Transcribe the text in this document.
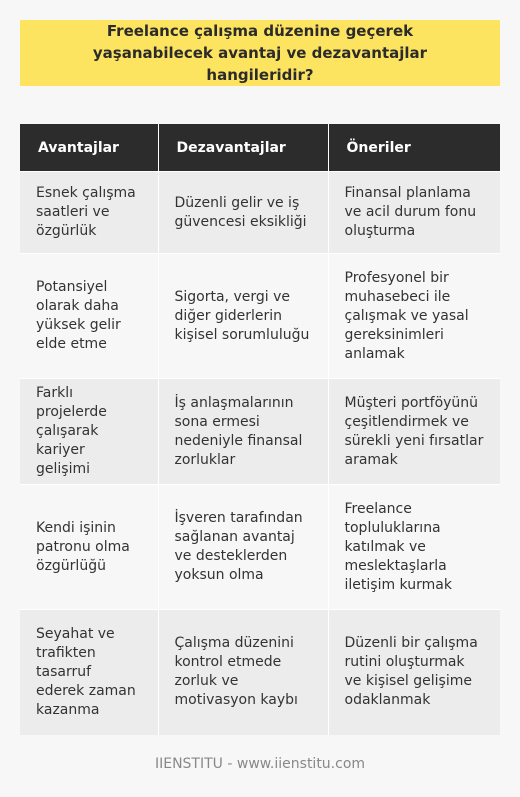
Freelance çalışma düzenine geçerek yaşanabilecek avantaj ve dezavantajlar hangileridir?
Avantajlar	Dezavantajlar	Öneriler
Esnek çalışma saatleri ve özgürlük	Düzenli gelir ve iş güvencesi eksikliği	Finansal planlama ve acil durum fonu oluşturma
Potansiyel olarak daha yüksek gelir elde etme	Sigorta, vergi ve diğer giderlerin kişisel sorumluluğu	Profesyonel bir muhasebeci ile çalışmak ve yasal gereksinimleri anlamak
Farklı projelerde çalışarak kariyer gelişimi	İş anlaşmalarının sona ermesi nedeniyle finansal zorluklar	Müşteri portföyünü çeşitlendirmek ve sürekli yeni fırsatlar aramak
Kendi işinin patronu olma özgürlüğü	İşveren tarafından sağlanan avantaj ve desteklerden yoksun olma	Freelance topluluklarına katılmak ve meslektaşlarla iletişim kurmak
Seyahat ve trafikten tasarruf ederek zaman kazanma	Çalışma düzenini kontrol etmede zorluk ve motivasyon kaybı	Düzenli bir çalışma rutini oluşturmak ve kişisel gelişime odaklanmak
IIENSTITU - www.iienstitu.com
